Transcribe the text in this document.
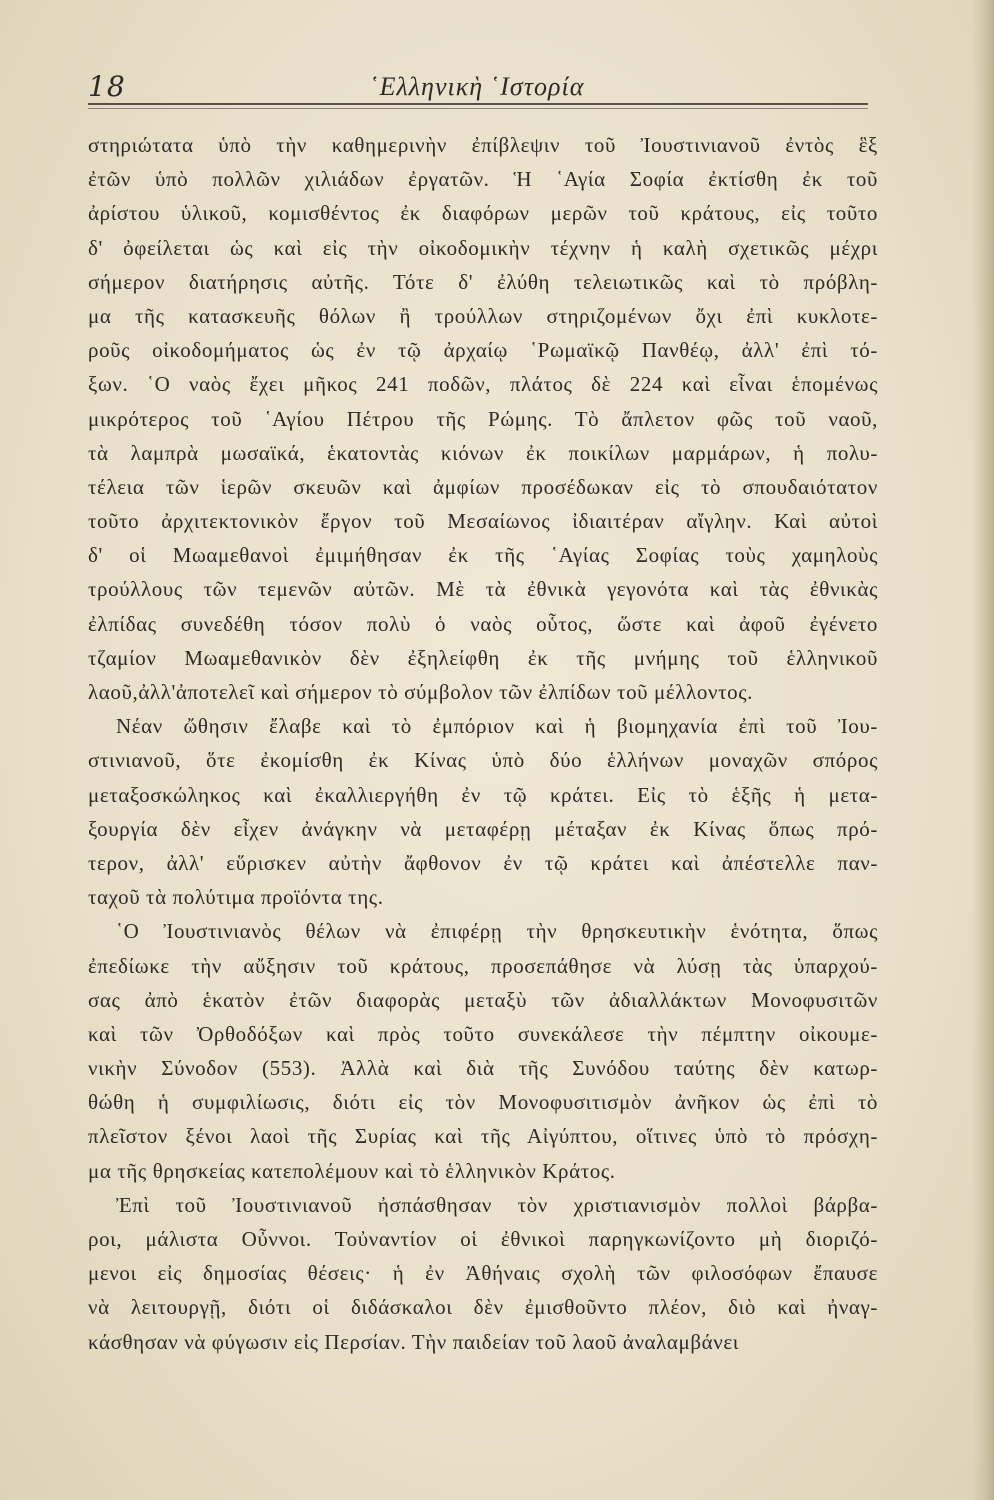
18	῾Ελληνικὴ ῾Ιστορία
στηριώτατα ὑπὸ τὴν καθημερινὴν ἐπίβλεψιν τοῦ Ἰουστινιανοῦ ἐντὸς ἓξ
ἐτῶν ὑπὸ πολλῶν χιλιάδων ἐργατῶν. Ἡ ῾Αγία Σοφία ἐκτίσθη ἐκ τοῦ
ἀρίστου ὑλικοῦ, κομισθέντος ἐκ διαφόρων μερῶν τοῦ κράτους, εἰς τοῦτο
δ' ὀφείλεται ὡς καὶ εἰς τὴν οἰκοδομικὴν τέχνην ἡ καλὴ σχετικῶς μέχρι
σήμερον διατήρησις αὐτῆς. Τότε δ' ἐλύθη τελειωτικῶς καὶ τὸ πρόβλη-
μα τῆς κατασκευῆς θόλων ἢ τρούλλων στηριζομένων ὄχι ἐπὶ κυκλοτε-
ροῦς οἰκοδομήματος ὡς ἐν τῷ ἀρχαίῳ ῾Ρωμαϊκῷ Πανθέῳ, ἀλλ' ἐπὶ τό-
ξων. ῾Ο ναὸς ἔχει μῆκος 241 ποδῶν, πλάτος δὲ 224 καὶ εἶναι ἑπομένως
μικρότερος τοῦ ῾Αγίου Πέτρου τῆς Ρώμης. Τὸ ἄπλετον φῶς τοῦ ναοῦ,
τὰ λαμπρὰ μωσαϊκά, ἑκατοντὰς κιόνων ἐκ ποικίλων μαρμάρων, ἡ πολυ-
τέλεια τῶν ἱερῶν σκευῶν καὶ ἀμφίων προσέδωκαν εἰς τὸ σπουδαιότατον
τοῦτο ἀρχιτεκτονικὸν ἔργον τοῦ Μεσαίωνος ἰδιαιτέραν αἴγλην. Καὶ αὐτοὶ
δ' οἱ Μωαμεθανοὶ ἐμιμήθησαν ἐκ τῆς ῾Αγίας Σοφίας τοὺς χαμηλοὺς
τρούλλους τῶν τεμενῶν αὐτῶν. Μὲ τὰ ἐθνικὰ γεγονότα καὶ τὰς ἐθνικὰς
ἐλπίδας συνεδέθη τόσον πολὺ ὁ ναὸς οὗτος, ὥστε καὶ ἀφοῦ ἐγένετο
τζαμίον Μωαμεθανικὸν δὲν ἐξηλείφθη ἐκ τῆς μνήμης τοῦ ἑλληνικοῦ
λαοῦ,ἀλλ'ἀποτελεῖ καὶ σήμερον τὸ σύμβολον τῶν ἐλπίδων τοῦ μέλλοντος.
Νέαν ὤθησιν ἔλαβε καὶ τὸ ἐμπόριον καὶ ἡ βιομηχανία ἐπὶ τοῦ Ἰου-
στινιανοῦ, ὅτε ἐκομίσθη ἐκ Κίνας ὑπὸ δύο ἑλλήνων μοναχῶν σπόρος
μεταξοσκώληκος καὶ ἐκαλλιεργήθη ἐν τῷ κράτει. Εἰς τὸ ἑξῆς ἡ μετα-
ξουργία δὲν εἶχεν ἀνάγκην νὰ μεταφέρῃ μέταξαν ἐκ Κίνας ὅπως πρό-
τερον, ἀλλ' εὕρισκεν αὐτὴν ἄφθονον ἐν τῷ κράτει καὶ ἀπέστελλε παν-
ταχοῦ τὰ πολύτιμα προϊόντα της.
῾Ο Ἰουστινιανὸς θέλων νὰ ἐπιφέρῃ τὴν θρησκευτικὴν ἑνότητα, ὅπως
ἐπεδίωκε τὴν αὔξησιν τοῦ κράτους, προσεπάθησε νὰ λύσῃ τὰς ὑπαρχού-
σας ἀπὸ ἑκατὸν ἐτῶν διαφορὰς μεταξὺ τῶν ἀδιαλλάκτων Μονοφυσιτῶν
καὶ τῶν Ὀρθοδόξων καὶ πρὸς τοῦτο συνεκάλεσε τὴν πέμπτην οἰκουμε-
νικὴν Σύνοδον (553). Ἀλλὰ καὶ διὰ τῆς Συνόδου ταύτης δὲν κατωρ-
θώθη ἡ συμφιλίωσις, διότι εἰς τὸν Μονοφυσιτισμὸν ἀνῆκον ὡς ἐπὶ τὸ
πλεῖστον ξένοι λαοὶ τῆς Συρίας καὶ τῆς Αἰγύπτου, οἵτινες ὑπὸ τὸ πρόσχη-
μα τῆς θρησκείας κατεπολέμουν καὶ τὸ ἑλληνικὸν Κράτος.
Ἐπὶ τοῦ Ἰουστινιανοῦ ἠσπάσθησαν τὸν χριστιανισμὸν πολλοὶ βάρβα-
ροι, μάλιστα Οὖννοι. Τοὐναντίον οἱ ἐθνικοὶ παρηγκωνίζοντο μὴ διοριζό-
μενοι εἰς δημοσίας θέσεις· ἡ ἐν Ἀθήναις σχολὴ τῶν φιλοσόφων ἔπαυσε
νὰ λειτουργῇ, διότι οἱ διδάσκαλοι δὲν ἐμισθοῦντο πλέον, διὸ καὶ ἠναγ-
κάσθησαν νὰ φύγωσιν εἰς Περσίαν. Τὴν παιδείαν τοῦ λαοῦ ἀναλαμβάνει
